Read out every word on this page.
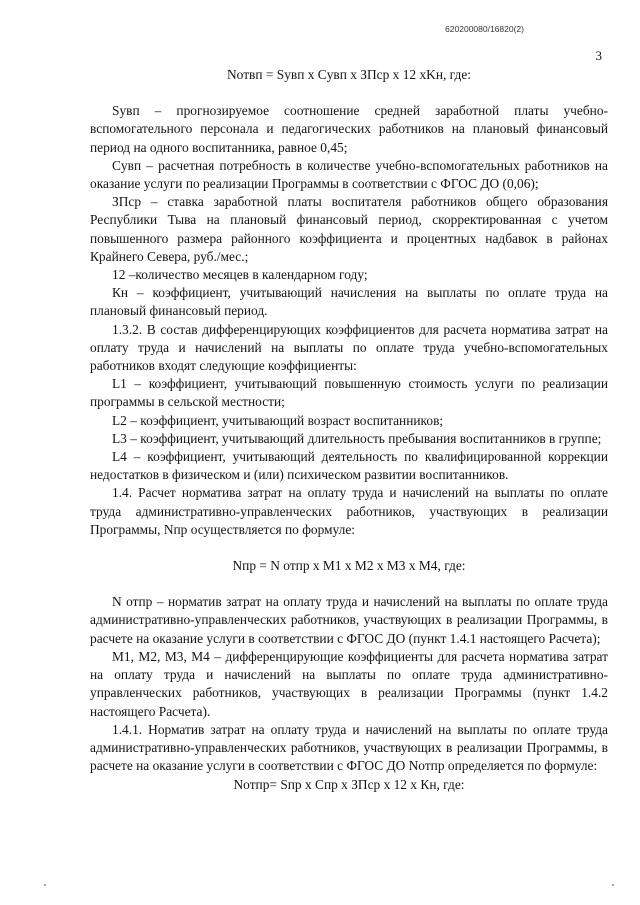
620200080/16820(2)
3
Nотвп = Sувп x Cувп x ЗПср x 12 xKн, где:

Sувп – прогнозируемое соотношение средней заработной платы учебно-вспомогательного персонала и педагогических работников на плановый финансовый период на одного воспитанника, равное 0,45;

Cувп – расчетная потребность в количестве учебно-вспомогательных работников на оказание услуги по реализации Программы в соответствии с ФГОС ДО (0,06);

ЗПср – ставка заработной платы воспитателя работников общего образования Республики Тыва на плановый финансовый период, скорректированная с учетом повышенного размера районного коэффициента и процентных надбавок в районах Крайнего Севера, руб./мес.;

12 –количество месяцев в календарном году;

Кн – коэффициент, учитывающий начисления на выплаты по оплате труда на плановый финансовый период.

1.3.2. В состав дифференцирующих коэффициентов для расчета норматива затрат на оплату труда и начислений на выплаты по оплате труда учебно-вспомогательных работников входят следующие коэффициенты:

L1 – коэффициент, учитывающий повышенную стоимость услуги по реализации программы в сельской местности;

L2 – коэффициент, учитывающий возраст воспитанников;

L3 – коэффициент, учитывающий длительность пребывания воспитанников в группе;

L4 – коэффициент, учитывающий деятельность по квалифицированной коррекции недостатков в физическом и (или) психическом развитии воспитанников.

1.4. Расчет норматива затрат на оплату труда и начислений на выплаты по оплате труда административно-управленческих работников, участвующих в реализации Программы, Nпр осуществляется по формуле:

Nпр = N отпр x M1 x M2 x M3 x M4, где:

N отпр – норматив затрат на оплату труда и начислений на выплаты по оплате труда административно-управленческих работников, участвующих в реализации Программы, в расчете на оказание услуги в соответствии с ФГОС ДО (пункт 1.4.1 настоящего Расчета);

M1, M2, M3, M4 – дифференцирующие коэффициенты для расчета норматива затрат на оплату труда и начислений на выплаты по оплате труда административно-управленческих работников, участвующих в реализации Программы (пункт 1.4.2 настоящего Расчета).

1.4.1. Норматив затрат на оплату труда и начислений на выплаты по оплате труда административно-управленческих работников, участвующих в реализации Программы, в расчете на оказание услуги в соответствии с ФГОС ДО Nотпр определяется по формуле:

Nотпр= Sпр x Cпр x ЗПср x 12 x Кн, где:
